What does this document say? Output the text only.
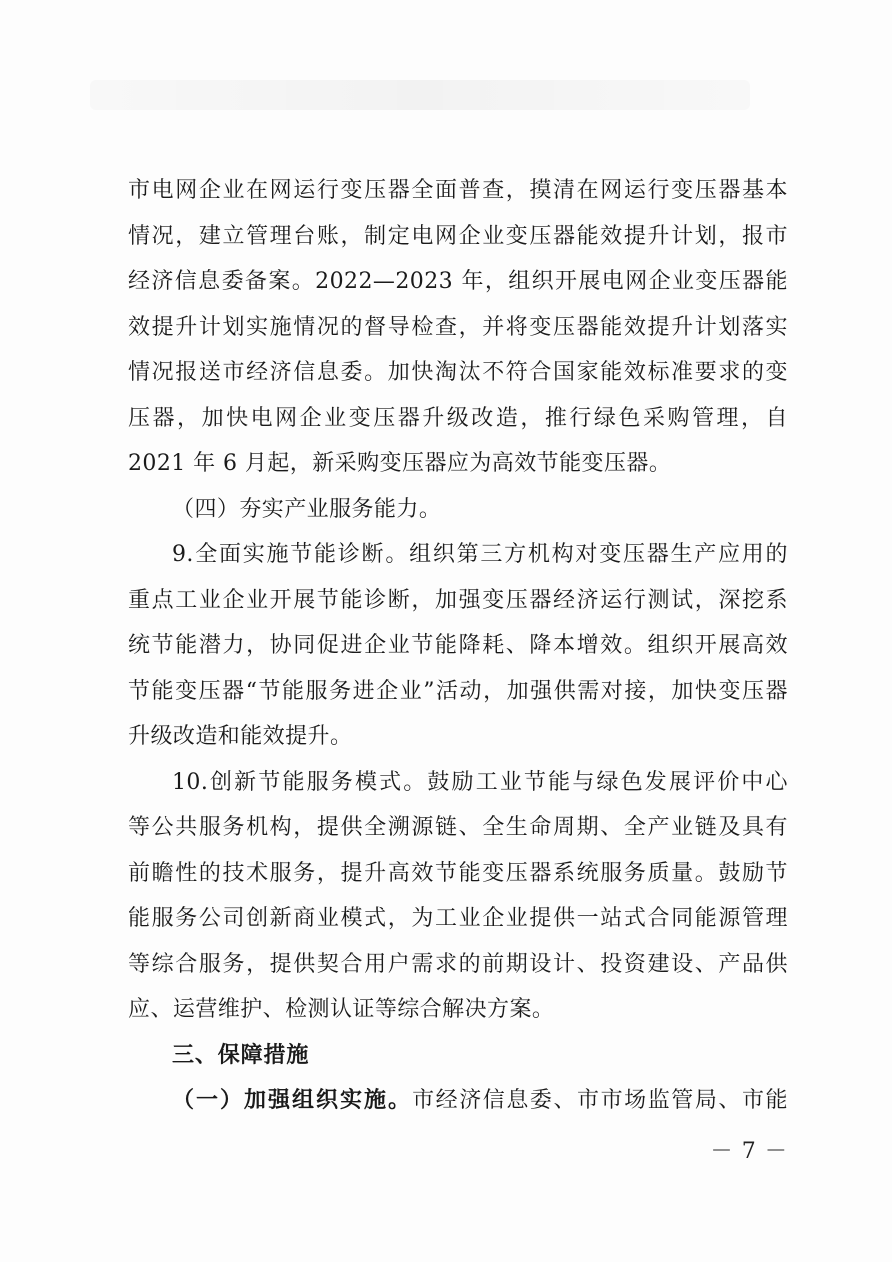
市电网企业在网运行变压器全面普查，摸清在网运行变压器基本
情况，建立管理台账，制定电网企业变压器能效提升计划，报市
经济信息委备案。2022—2023 年，组织开展电网企业变压器能
效提升计划实施情况的督导检查，并将变压器能效提升计划落实
情况报送市经济信息委。加快淘汰不符合国家能效标准要求的变
压器，加快电网企业变压器升级改造，推行绿色采购管理，自
2021 年 6 月起，新采购变压器应为高效节能变压器。
（四）夯实产业服务能力。
9.全面实施节能诊断。组织第三方机构对变压器生产应用的
重点工业企业开展节能诊断，加强变压器经济运行测试，深挖系
统节能潜力，协同促进企业节能降耗、降本增效。组织开展高效
节能变压器“节能服务进企业”活动，加强供需对接，加快变压器
升级改造和能效提升。
10.创新节能服务模式。鼓励工业节能与绿色发展评价中心
等公共服务机构，提供全溯源链、全生命周期、全产业链及具有
前瞻性的技术服务，提升高效节能变压器系统服务质量。鼓励节
能服务公司创新商业模式，为工业企业提供一站式合同能源管理
等综合服务，提供契合用户需求的前期设计、投资建设、产品供
应、运营维护、检测认证等综合解决方案。
三、保障措施
（一）加强组织实施。市经济信息委、市市场监管局、市能
－ 7 －
